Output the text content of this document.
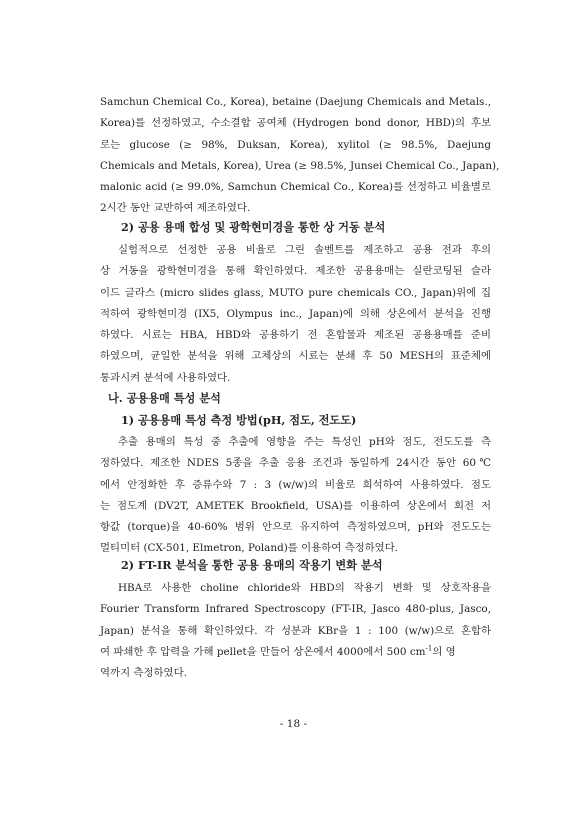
Samchun Chemical Co., Korea), betaine (Daejung Chemicals and Metals.,
Korea)를 선정하였고, 수소결합 공여체 (Hydrogen bond donor, HBD)의 후보
로는 glucose (≥ 98%, Duksan, Korea), xylitol (≥ 98.5%, Daejung
Chemicals and Metals, Korea), Urea (≥ 98.5%, Junsei Chemical Co., Japan),
malonic acid (≥ 99.0%, Samchun Chemical Co., Korea)를 선정하고 비율별로
2시간 동안 교반하여 제조하였다.
2) 공용 용매 합성 및 광학현미경을 통한 상 거동 분석
실험적으로 선정한 공용 비율로 그린 솔벤트를 제조하고 공용 전과 후의
상 거동을 광학현미경을 통해 확인하였다. 제조한 공용용매는 실란코팅된 슬라
이드 글라스 (micro slides glass, MUTO pure chemicals CO., Japan)위에 집
적하여 광학현미경 (IX5, Olympus inc., Japan)에 의해 상온에서 분석을 진행
하였다. 시료는 HBA, HBD와 공용하기 전 혼합물과 제조된 공용용매를 준비
하였으며, 균일한 분석을 위해 고체상의 시료는 분쇄 후 50 MESH의 표준체에
통과시켜 분석에 사용하였다.
나. 공용용매 특성 분석
1) 공용용매 특성 측정 방법(pH, 점도, 전도도)
추출 용매의 특성 중 추출에 영향을 주는 특성인 pH와 점도, 전도도를 측
정하였다. 제조한 NDES 5종을 추출 응용 조건과 동일하게 24시간 동안 60℃
에서 안정화한 후 증류수와 7 : 3 (w/w)의 비율로 희석하여 사용하였다. 점도
는 점도계 (DV2T, AMETEK Brookfield, USA)를 이용하여 상온에서 회전 저
항값 (torque)을 40-60% 범위 안으로 유지하여 측정하였으며, pH와 전도도는
멀티미터 (CX-501, Elmetron, Poland)를 이용하여 측정하였다.
2) FT-IR 분석을 통한 공용 용매의 작용기 변화 분석
HBA로 사용한 choline chloride와 HBD의 작용기 변화 및 상호작용을
Fourier Transform Infrared Spectroscopy (FT-IR, Jasco 480-plus, Jasco,
Japan) 분석을 통해 확인하였다. 각 성분과 KBr을 1 : 100 (w/w)으로 혼합하
여 파쇄한 후 압력을 가해 pellet을 만들어 상온에서 4000에서 500 $cm^{-1}$의 영
역까지 측정하였다.
- 18 -
